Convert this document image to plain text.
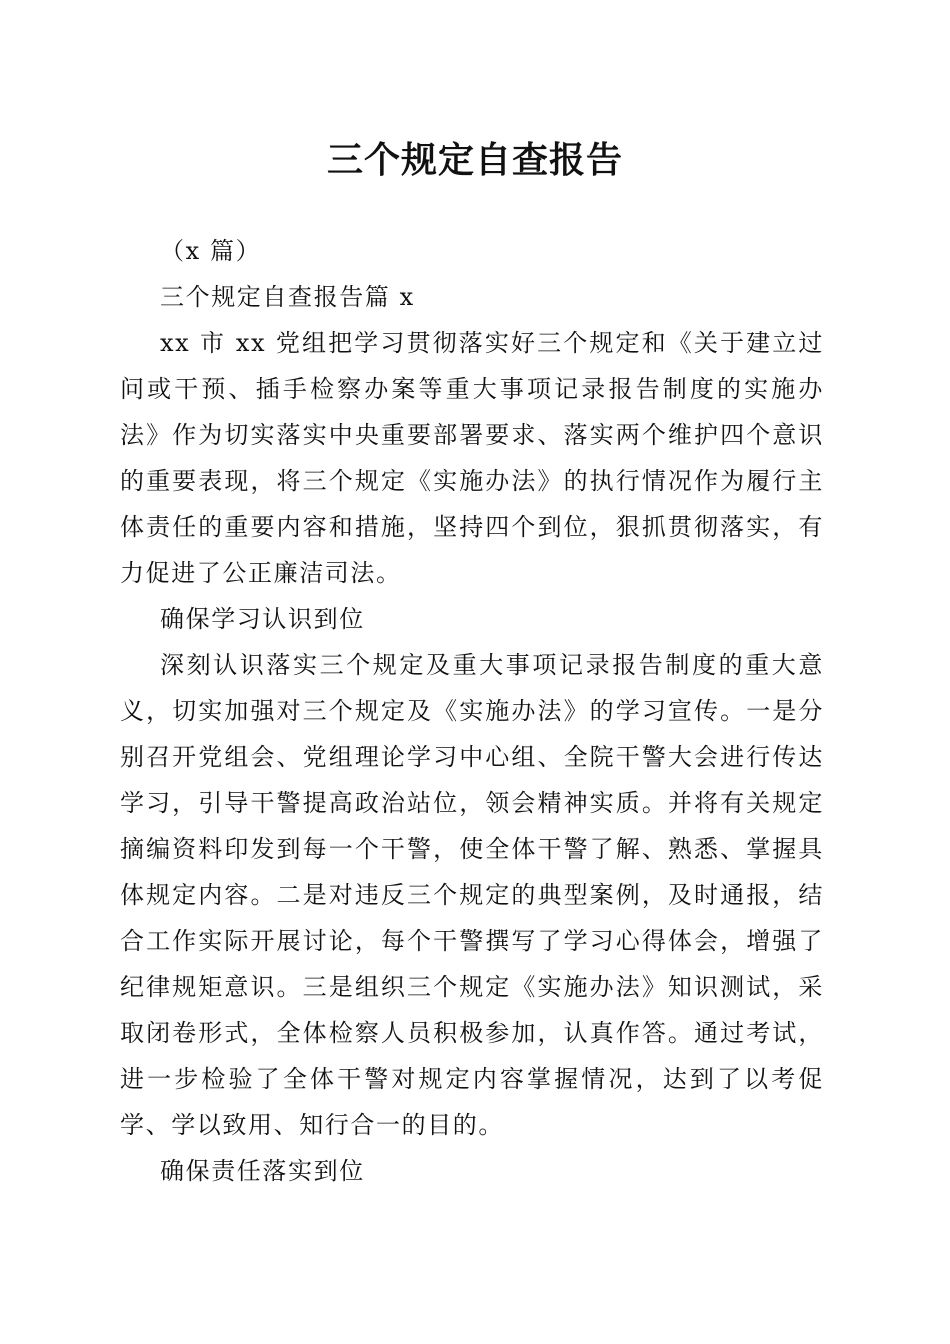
三个规定自查报告

（x 篇）

三个规定自查报告篇 x

xx 市 xx 党组把学习贯彻落实好三个规定和《关于建立过问或干预、插手检察办案等重大事项记录报告制度的实施办法》作为切实落实中央重要部署要求、落实两个维护四个意识的重要表现，将三个规定《实施办法》的执行情况作为履行主体责任的重要内容和措施，坚持四个到位，狠抓贯彻落实，有力促进了公正廉洁司法。

确保学习认识到位

深刻认识落实三个规定及重大事项记录报告制度的重大意义，切实加强对三个规定及《实施办法》的学习宣传。一是分别召开党组会、党组理论学习中心组、全院干警大会进行传达学习，引导干警提高政治站位，领会精神实质。并将有关规定摘编资料印发到每一个干警，使全体干警了解、熟悉、掌握具体规定内容。二是对违反三个规定的典型案例，及时通报，结合工作实际开展讨论，每个干警撰写了学习心得体会，增强了纪律规矩意识。三是组织三个规定《实施办法》知识测试，采取闭卷形式，全体检察人员积极参加，认真作答。通过考试，进一步检验了全体干警对规定内容掌握情况，达到了以考促学、学以致用、知行合一的目的。

确保责任落实到位
